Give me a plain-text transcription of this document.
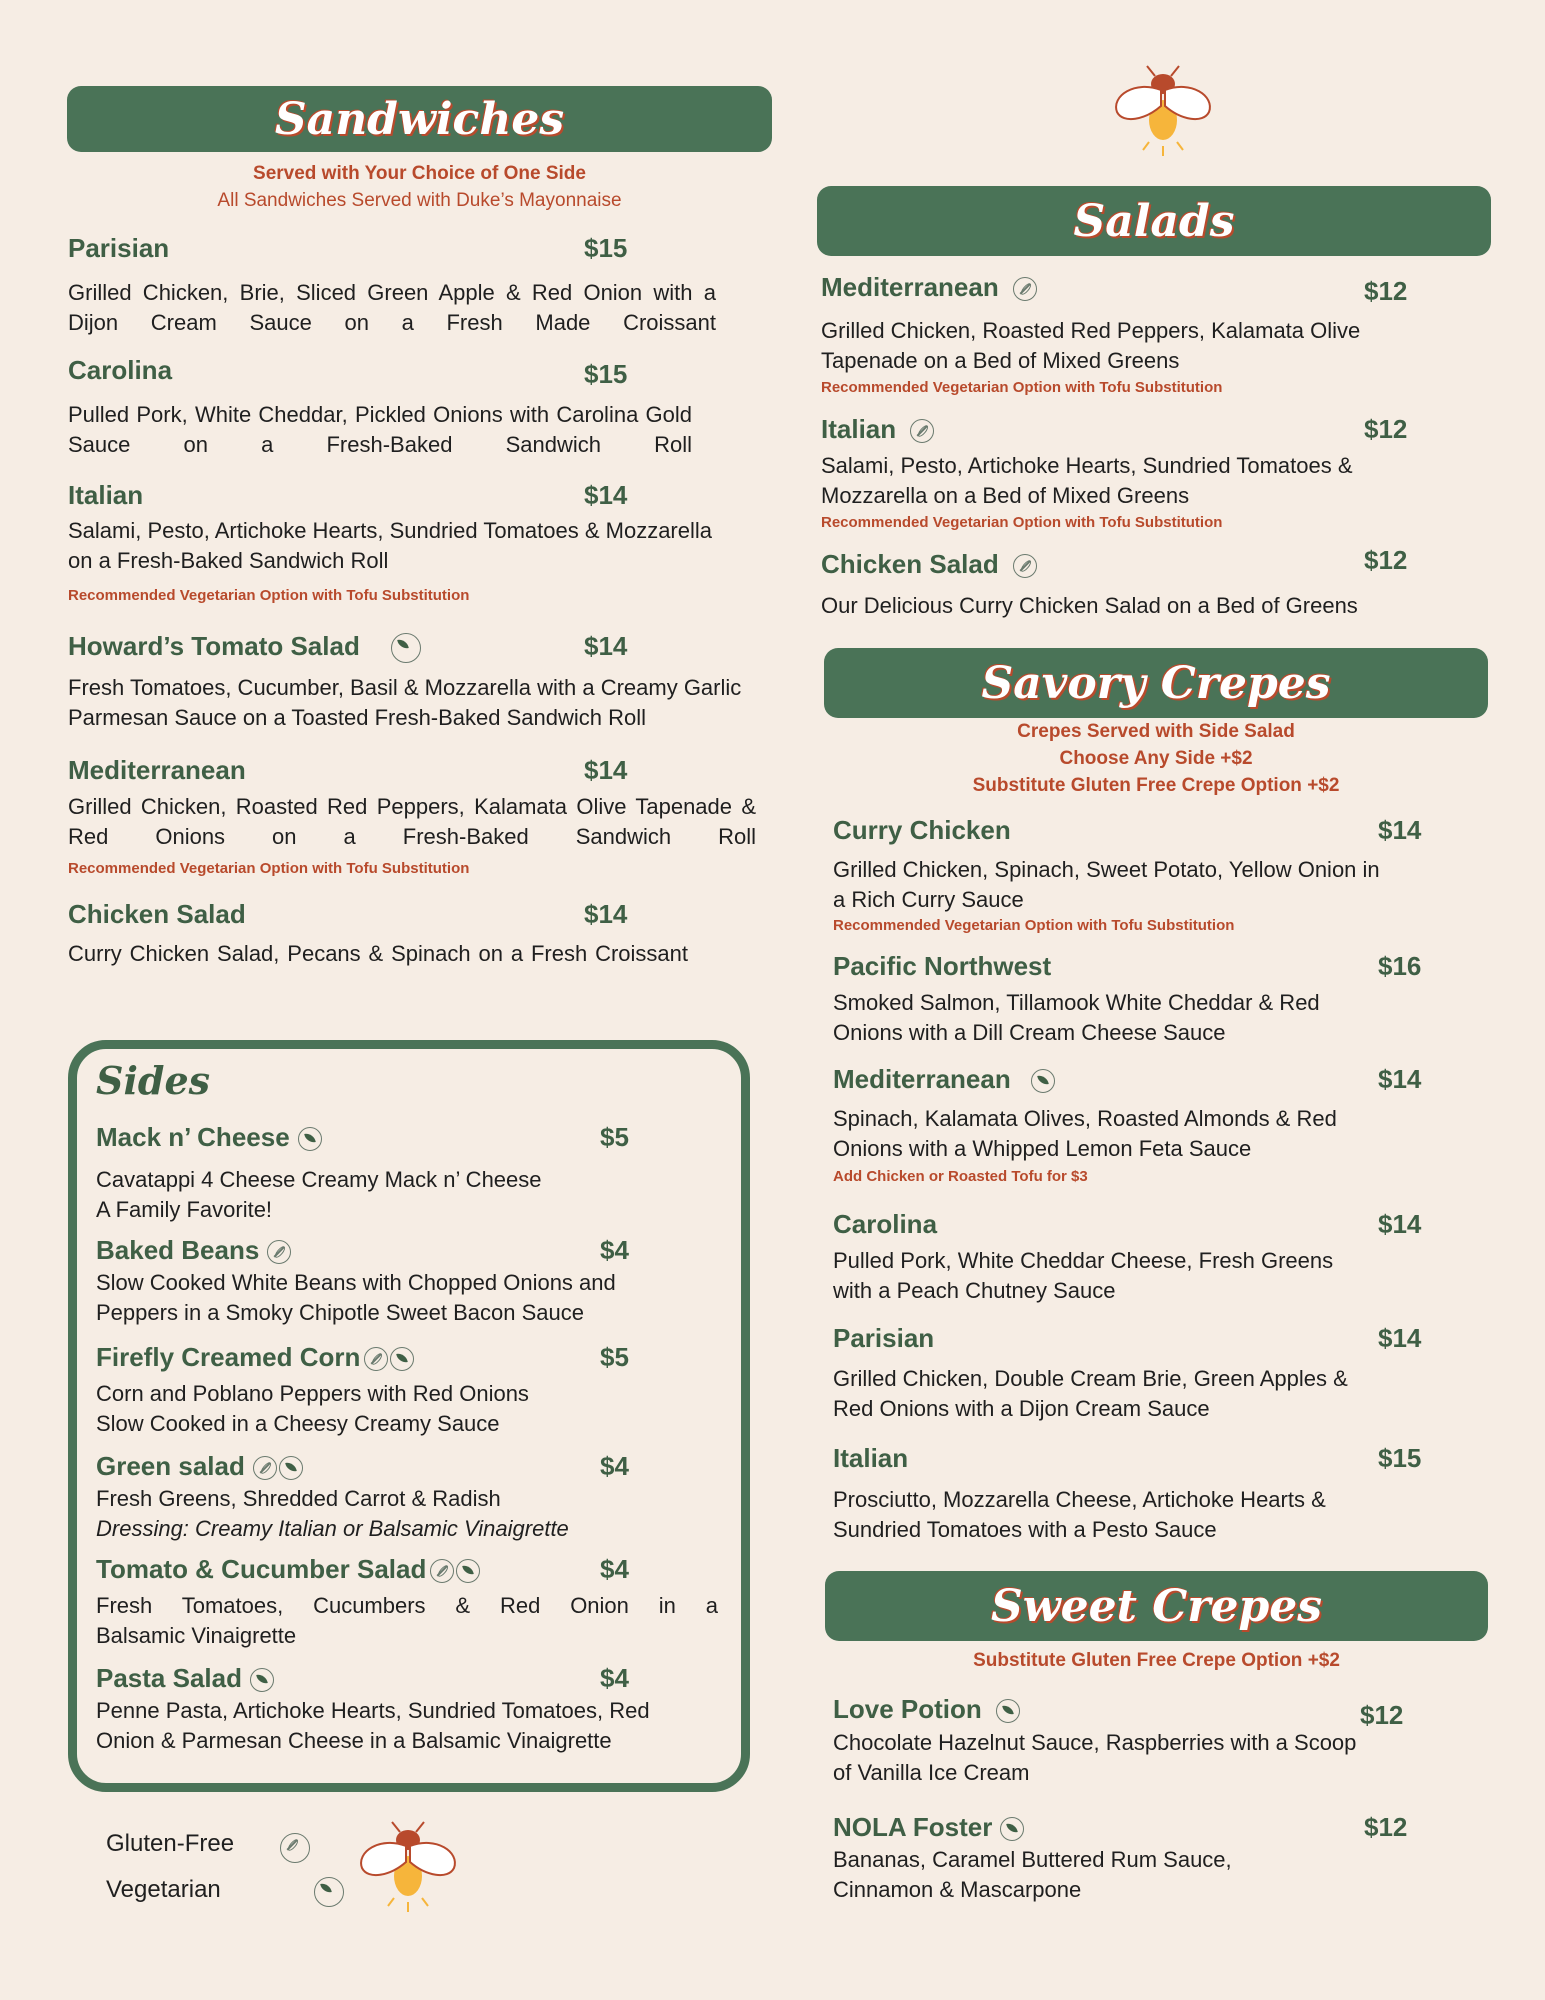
Sandwiches
Served with Your Choice of One Side
All Sandwiches Served with Duke’s Mayonnaise
Parisian	$15
Grilled Chicken, Brie, Sliced Green Apple & Red Onion with a Dijon Cream Sauce on a Fresh Made Croissant
Carolina	$15
Pulled Pork, White Cheddar, Pickled Onions with Carolina Gold Sauce on a Fresh-Baked Sandwich Roll
Italian	$14
Salami, Pesto, Artichoke Hearts, Sundried Tomatoes & Mozzarella on a Fresh-Baked Sandwich Roll
Recommended Vegetarian Option with Tofu Substitution
Howard’s Tomato Salad	$14
Fresh Tomatoes, Cucumber, Basil & Mozzarella with a Creamy Garlic Parmesan Sauce on a Toasted Fresh-Baked Sandwich Roll
Mediterranean	$14
Grilled Chicken, Roasted Red Peppers, Kalamata Olive Tapenade & Red Onions on a Fresh-Baked Sandwich Roll
Recommended Vegetarian Option with Tofu Substitution
Chicken Salad	$14
Curry Chicken Salad, Pecans & Spinach on a Fresh Croissant
Sides
Mack n’ Cheese	$5
Cavatappi 4 Cheese Creamy Mack n’ Cheese
A Family Favorite!
Baked Beans	$4
Slow Cooked White Beans with Chopped Onions and
Peppers in a Smoky Chipotle Sweet Bacon Sauce
Firefly Creamed Corn	$5
Corn and Poblano Peppers with Red Onions
Slow Cooked in a Cheesy Creamy Sauce
Green salad	$4
Fresh Greens, Shredded Carrot & Radish
Dressing: Creamy Italian or Balsamic Vinaigrette
Tomato & Cucumber Salad	$4
Fresh Tomatoes, Cucumbers & Red Onion in a
Balsamic Vinaigrette
Pasta Salad	$4
Penne Pasta, Artichoke Hearts, Sundried Tomatoes, Red
Onion & Parmesan Cheese in a Balsamic Vinaigrette
Gluten-Free

Vegetarian
Salads
Mediterranean	$12
Grilled Chicken, Roasted Red Peppers, Kalamata Olive Tapenade on a Bed of Mixed Greens
Recommended Vegetarian Option with Tofu Substitution
Italian	$12
Salami, Pesto, Artichoke Hearts, Sundried Tomatoes & Mozzarella on a Bed of Mixed Greens
Recommended Vegetarian Option with Tofu Substitution
Chicken Salad	$12
Our Delicious Curry Chicken Salad on a Bed of Greens
Savory Crepes
Crepes Served with Side Salad
Choose Any Side +$2
Substitute Gluten Free Crepe Option +$2
Curry Chicken	$14
Grilled Chicken, Spinach, Sweet Potato, Yellow Onion in a Rich Curry Sauce
Recommended Vegetarian Option with Tofu Substitution
Pacific Northwest	$16
Smoked Salmon, Tillamook White Cheddar & Red Onions with a Dill Cream Cheese Sauce
Mediterranean	$14
Spinach, Kalamata Olives, Roasted Almonds & Red Onions with a Whipped Lemon Feta Sauce
Add Chicken or Roasted Tofu for $3
Carolina	$14
Pulled Pork, White Cheddar Cheese, Fresh Greens with a Peach Chutney Sauce
Parisian	$14
Grilled Chicken, Double Cream Brie, Green Apples & Red Onions with a Dijon Cream Sauce
Italian	$15
Prosciutto, Mozzarella Cheese, Artichoke Hearts & Sundried Tomatoes with a Pesto Sauce
Sweet Crepes
Substitute Gluten Free Crepe Option +$2
Love Potion	$12
Chocolate Hazelnut Sauce, Raspberries with a Scoop of Vanilla Ice Cream
NOLA Foster	$12
Bananas, Caramel Buttered Rum Sauce, Cinnamon & Mascarpone
